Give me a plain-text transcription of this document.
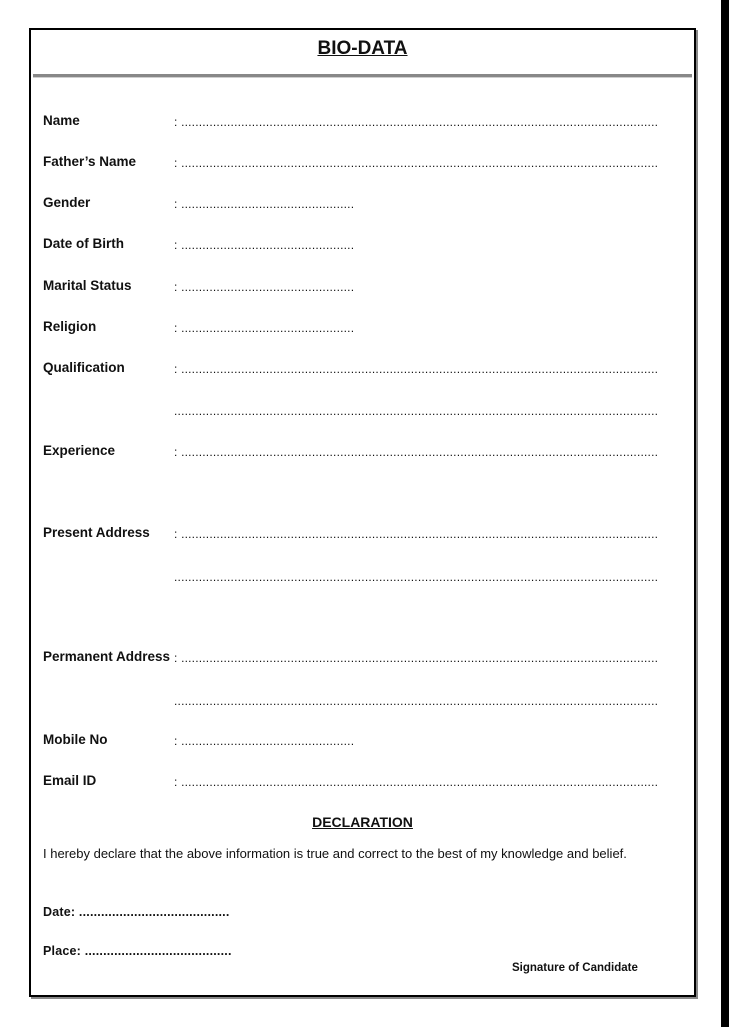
BIO-DATA
Name	: .......................................................................................................................................
Father’s Name	: .......................................................................................................................................
Gender	: .................................................
Date of Birth	: .................................................
Marital Status	: .................................................
Religion	: .................................................
Qualification	: .......................................................................................................................................
.........................................................................................................................................
Experience	: .......................................................................................................................................
Present Address : .......................................................................................................................................
.........................................................................................................................................
Permanent Address : .......................................................................................................................................
.........................................................................................................................................
Mobile No	: .................................................
Email ID	: .......................................................................................................................................
DECLARATION
I hereby declare that the above information is true and correct to the best of my knowledge and belief.
Date: .........................................
Place: ........................................
Signature of Candidate
